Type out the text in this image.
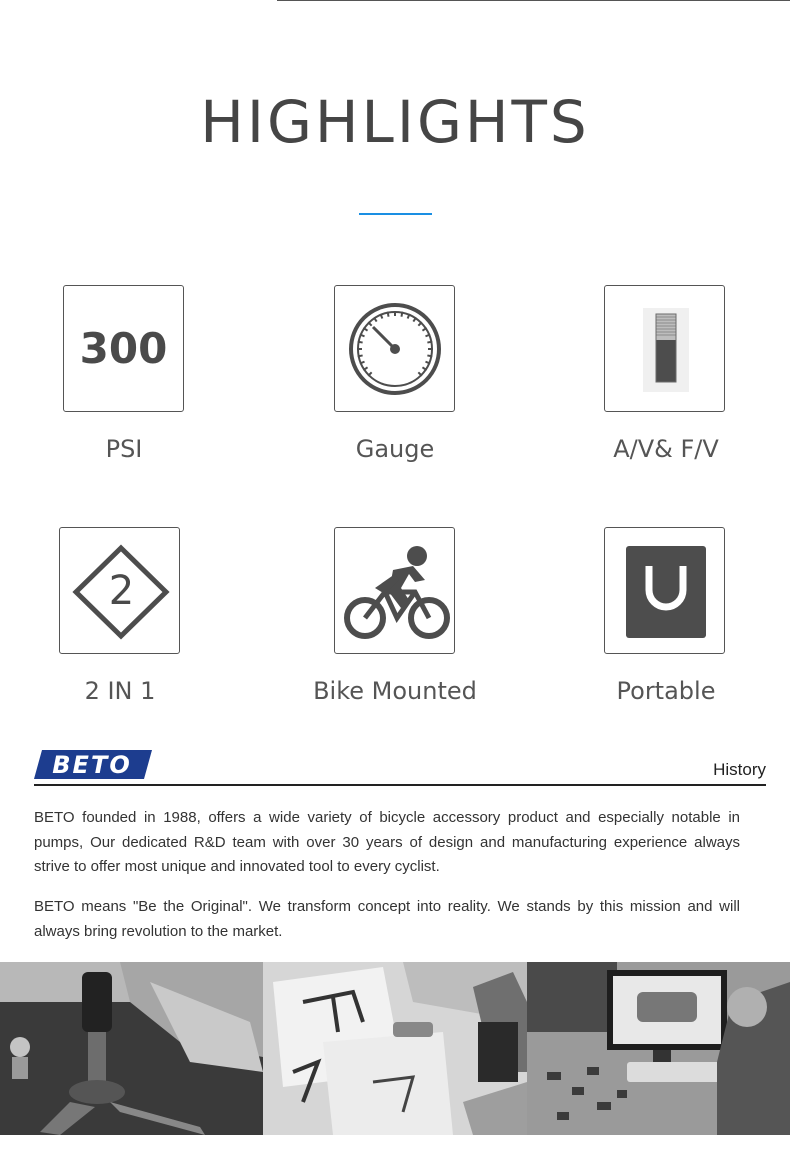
HIGHLIGHTS
300
PSI	Gauge	A/V& F/V
2
2 IN 1	Bike Mounted	Portable
BETO	History

BETO founded in 1988, offers a wide variety of bicycle accessory product and especially notable in pumps, Our dedicated R&D team with over 30 years of design and manufacturing experience always strive to offer most unique and innovated tool to every cyclist.

BETO means "Be the Original". We transform concept into reality. We stands by this mission and will always bring revolution to the market.
